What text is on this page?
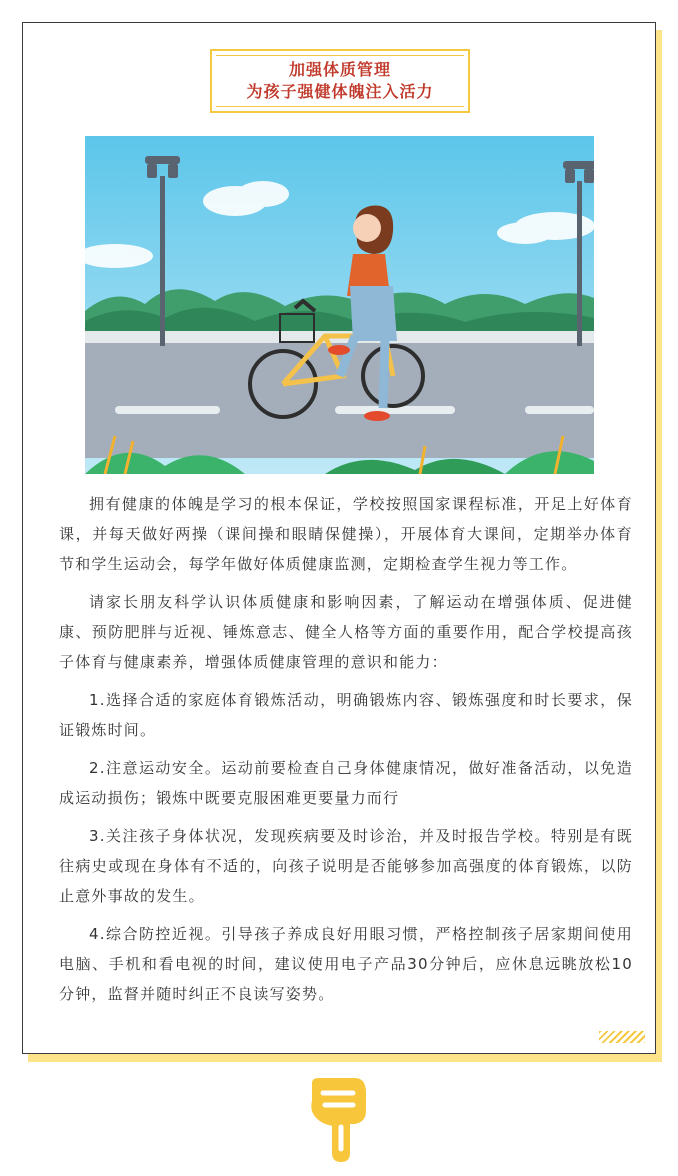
加强体质管理
为孩子强健体魄注入活力

拥有健康的体魄是学习的根本保证，学校按照国家课程标准，开足上好体育课，并每天做好两操（课间操和眼睛保健操），开展体育大课间，定期举办体育节和学生运动会，每学年做好体质健康监测，定期检查学生视力等工作。

请家长朋友科学认识体质健康和影响因素，了解运动在增强体质、促进健康、预防肥胖与近视、锤炼意志、健全人格等方面的重要作用，配合学校提高孩子体育与健康素养，增强体质健康管理的意识和能力：

1.选择合适的家庭体育锻炼活动，明确锻炼内容、锻炼强度和时长要求，保证锻炼时间。

2.注意运动安全。运动前要检查自己身体健康情况，做好准备活动，以免造成运动损伤；锻炼中既要克服困难更要量力而行

3.关注孩子身体状况，发现疾病要及时诊治，并及时报告学校。特别是有既往病史或现在身体有不适的，向孩子说明是否能够参加高强度的体育锻炼，以防止意外事故的发生。

4.综合防控近视。引导孩子养成良好用眼习惯，严格控制孩子居家期间使用电脑、手机和看电视的时间，建议使用电子产品30分钟后，应休息远眺放松10分钟，监督并随时纠正不良读写姿势。
